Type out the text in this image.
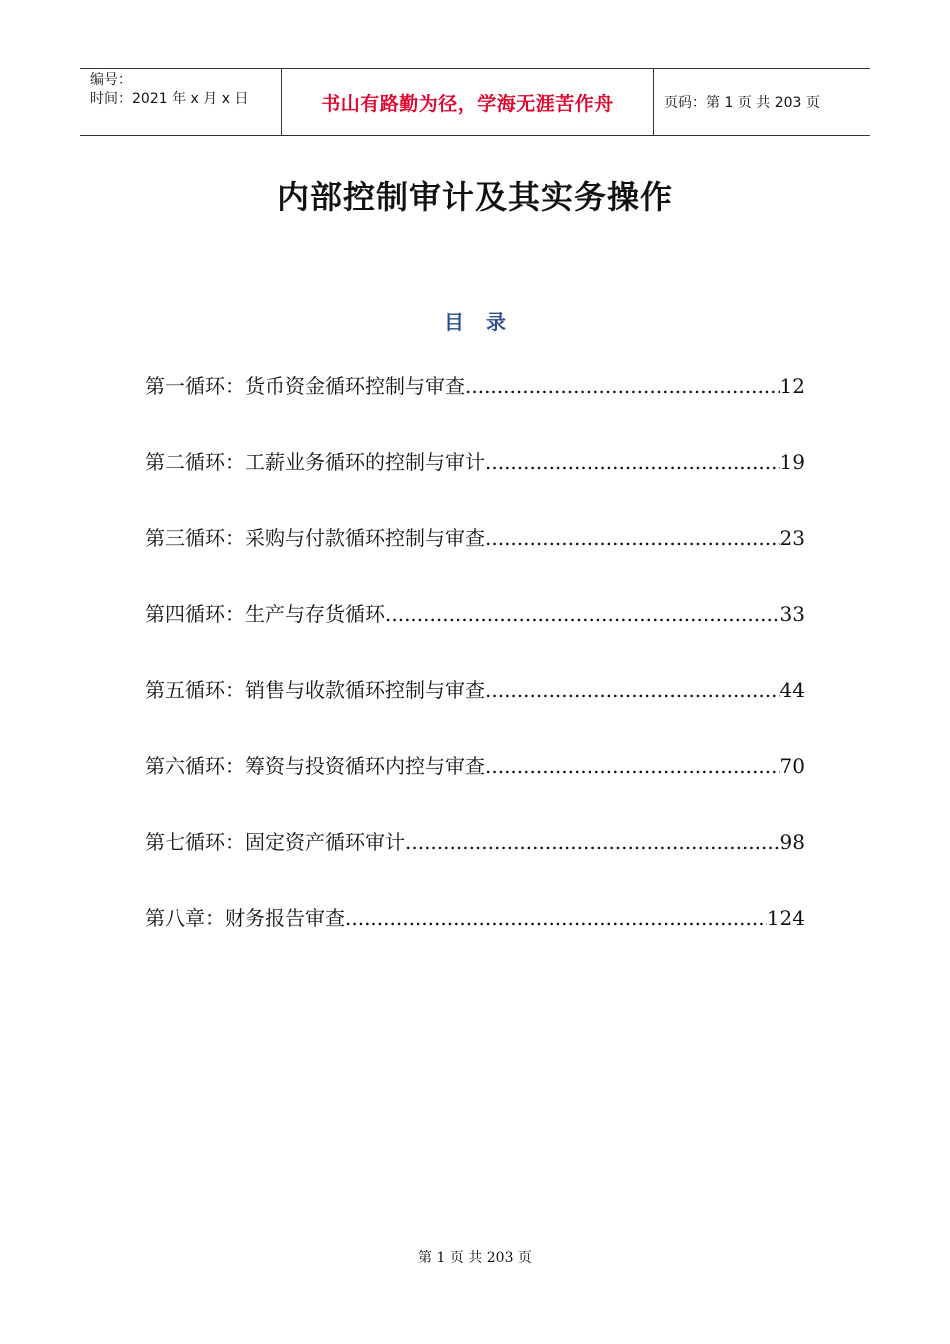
编号：
时间：2021 年 x 月 x 日	书山有路勤为径，学海无涯苦作舟	页码：第 1 页 共 203 页
内部控制审计及其实务操作
目录
第一循环：货币资金循环控制与审查 .....	12
第二循环：工薪业务循环的控制与审计 .....	19
第三循环：采购与付款循环控制与审查 .....	23
第四循环：生产与存货循环 .....	33
第五循环：销售与收款循环控制与审查 .....	44
第六循环：筹资与投资循环内控与审查 .....	70
第七循环：固定资产循环审计 .....	98
第八章：财务报告审查 .....	124
第 1 页 共 203 页
